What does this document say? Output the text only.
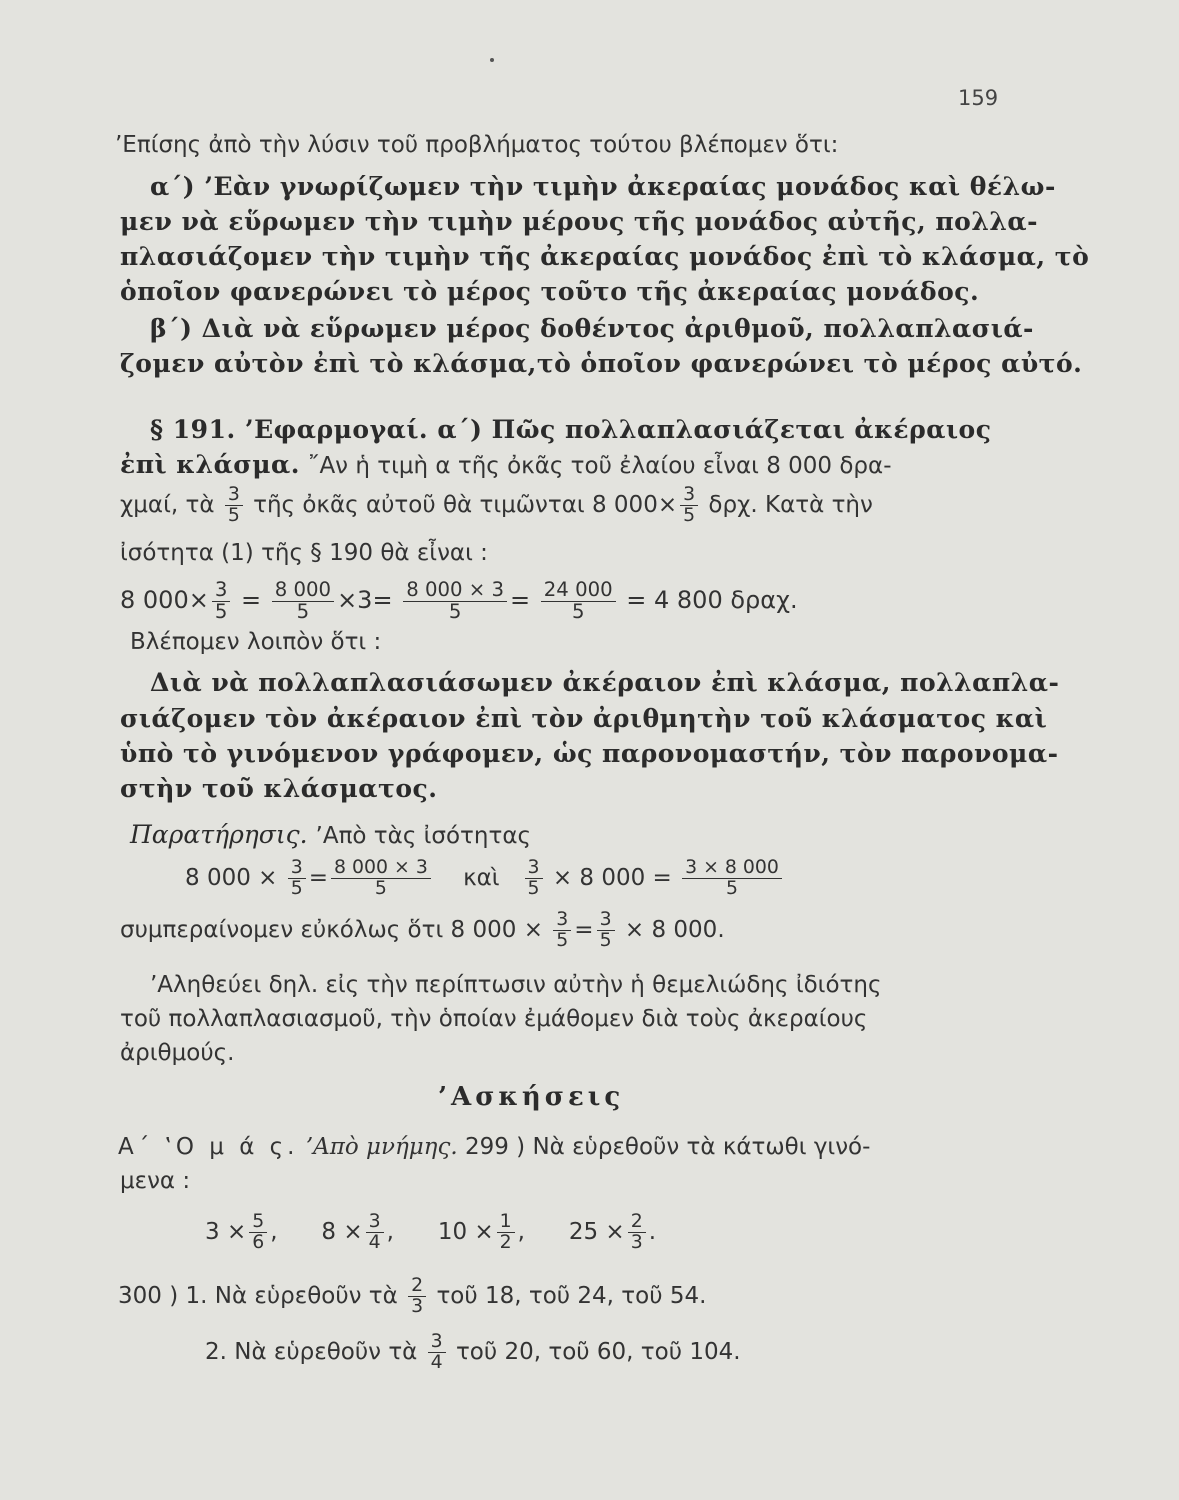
159
’Επίσης ἀπὸ τὴν λύσιν τοῦ προβλήματος τούτου βλέπομεν ὅτι:
α΄) ’Εὰν γνωρίζωμεν τὴν τιμὴν ἀκεραίας μονάδος καὶ θέλω-
μεν νὰ εὕρωμεν τὴν τιμὴν μέρους τῆς μονάδος αὐτῆς, πολλα-
πλασιάζομεν τὴν τιμὴν τῆς ἀκεραίας μονάδος ἐπὶ τὸ κλάσμα, τὸ
ὁποῖον φανερώνει τὸ μέρος τοῦτο τῆς ἀκεραίας μονάδος.
β΄) Διὰ νὰ εὕρωμεν μέρος δοθέντος ἀριθμοῦ, πολλαπλασιά-
ζομεν αὐτὸν ἐπὶ τὸ κλάσμα,τὸ ὁποῖον φανερώνει τὸ μέρος αὐτό.
§ 191. ’Εφαρμογαί. α΄) Πῶς πολλαπλασιάζεται ἀκέραιος
ἐπὶ κλάσμα. ῎Αν ἡ τιμὴ α τῆς ὀκᾶς τοῦ ἐλαίου εἶναι 8 000 δρα-
χμαί, τὰ $\frac{3}{5}$ τῆς ὀκᾶς αὐτοῦ θὰ τιμῶνται 8 $000\times \frac{3}{5} \delta\rho\chi$. Κατὰ τὴν
ἰσότητα (1) τῆς § 190 θὰ εἶναι :
8 $000\times \frac{3}{5} = \frac{8 000}{5} \times 3= \frac{8 000 \times 3}{5} = \frac{24 000}{5} = 4$ 800 δραχ.
Βλέπομεν λοιπὸν ὅτι :
Διὰ νὰ πολλαπλασιάσωμεν ἀκέραιον ἐπὶ κλάσμα, πολλαπλα-
σιάζομεν τὸν ἀκέραιον ἐπὶ τὸν ἀριθμητὴν τοῦ κλάσματος καὶ
ὑπὸ τὸ γινόμενον γράφομεν, ὡς παρονομαστήν, τὸν παρονομα-
στὴν τοῦ κλάσματος.
Παρατήρησις. ’Απὸ τὰς ἰσότητας
8 $000 \times \frac{3}{5} = \frac{8 000 \times 3}{5}$ καὶ $\frac{3}{5} \times 8$ $000 = \frac{3 \times 8 000}{5}$
συμπεραίνομεν εὐκόλως ὅτι 8 $000 \times \frac{3}{5} = \frac{3}{5} \times 8$ 000.
’Αληθεύει δηλ. εἰς τὴν περίπτωσιν αὐτὴν ἡ θεμελιώδης ἰδιότης
τοῦ πολλαπλασιασμοῦ, τὴν ὁποίαν ἐμάθομεν διὰ τοὺς ἀκεραίους
ἀριθμούς.
’Ασκήσεις
Α΄ ‛Ο μ ά ς. ’Απὸ μνήμης. 299 ) Νὰ εὑρεθοῦν τὰ κάτωθι γινό-
μενα :
$3 \times \frac{5}{6}$ , $8 \times \frac{3}{4}$ , $10 \times \frac{1}{2}$ , $25 \times \frac{2}{3}$ .
300 ) 1. Νὰ εὑρεθοῦν τὰ $\frac{2}{3}$ τοῦ 18, τοῦ 24, τοῦ 54.
2. Νὰ εὑρεθοῦν τὰ $\frac{3}{4}$ τοῦ 20, τοῦ 60, τοῦ 104.
